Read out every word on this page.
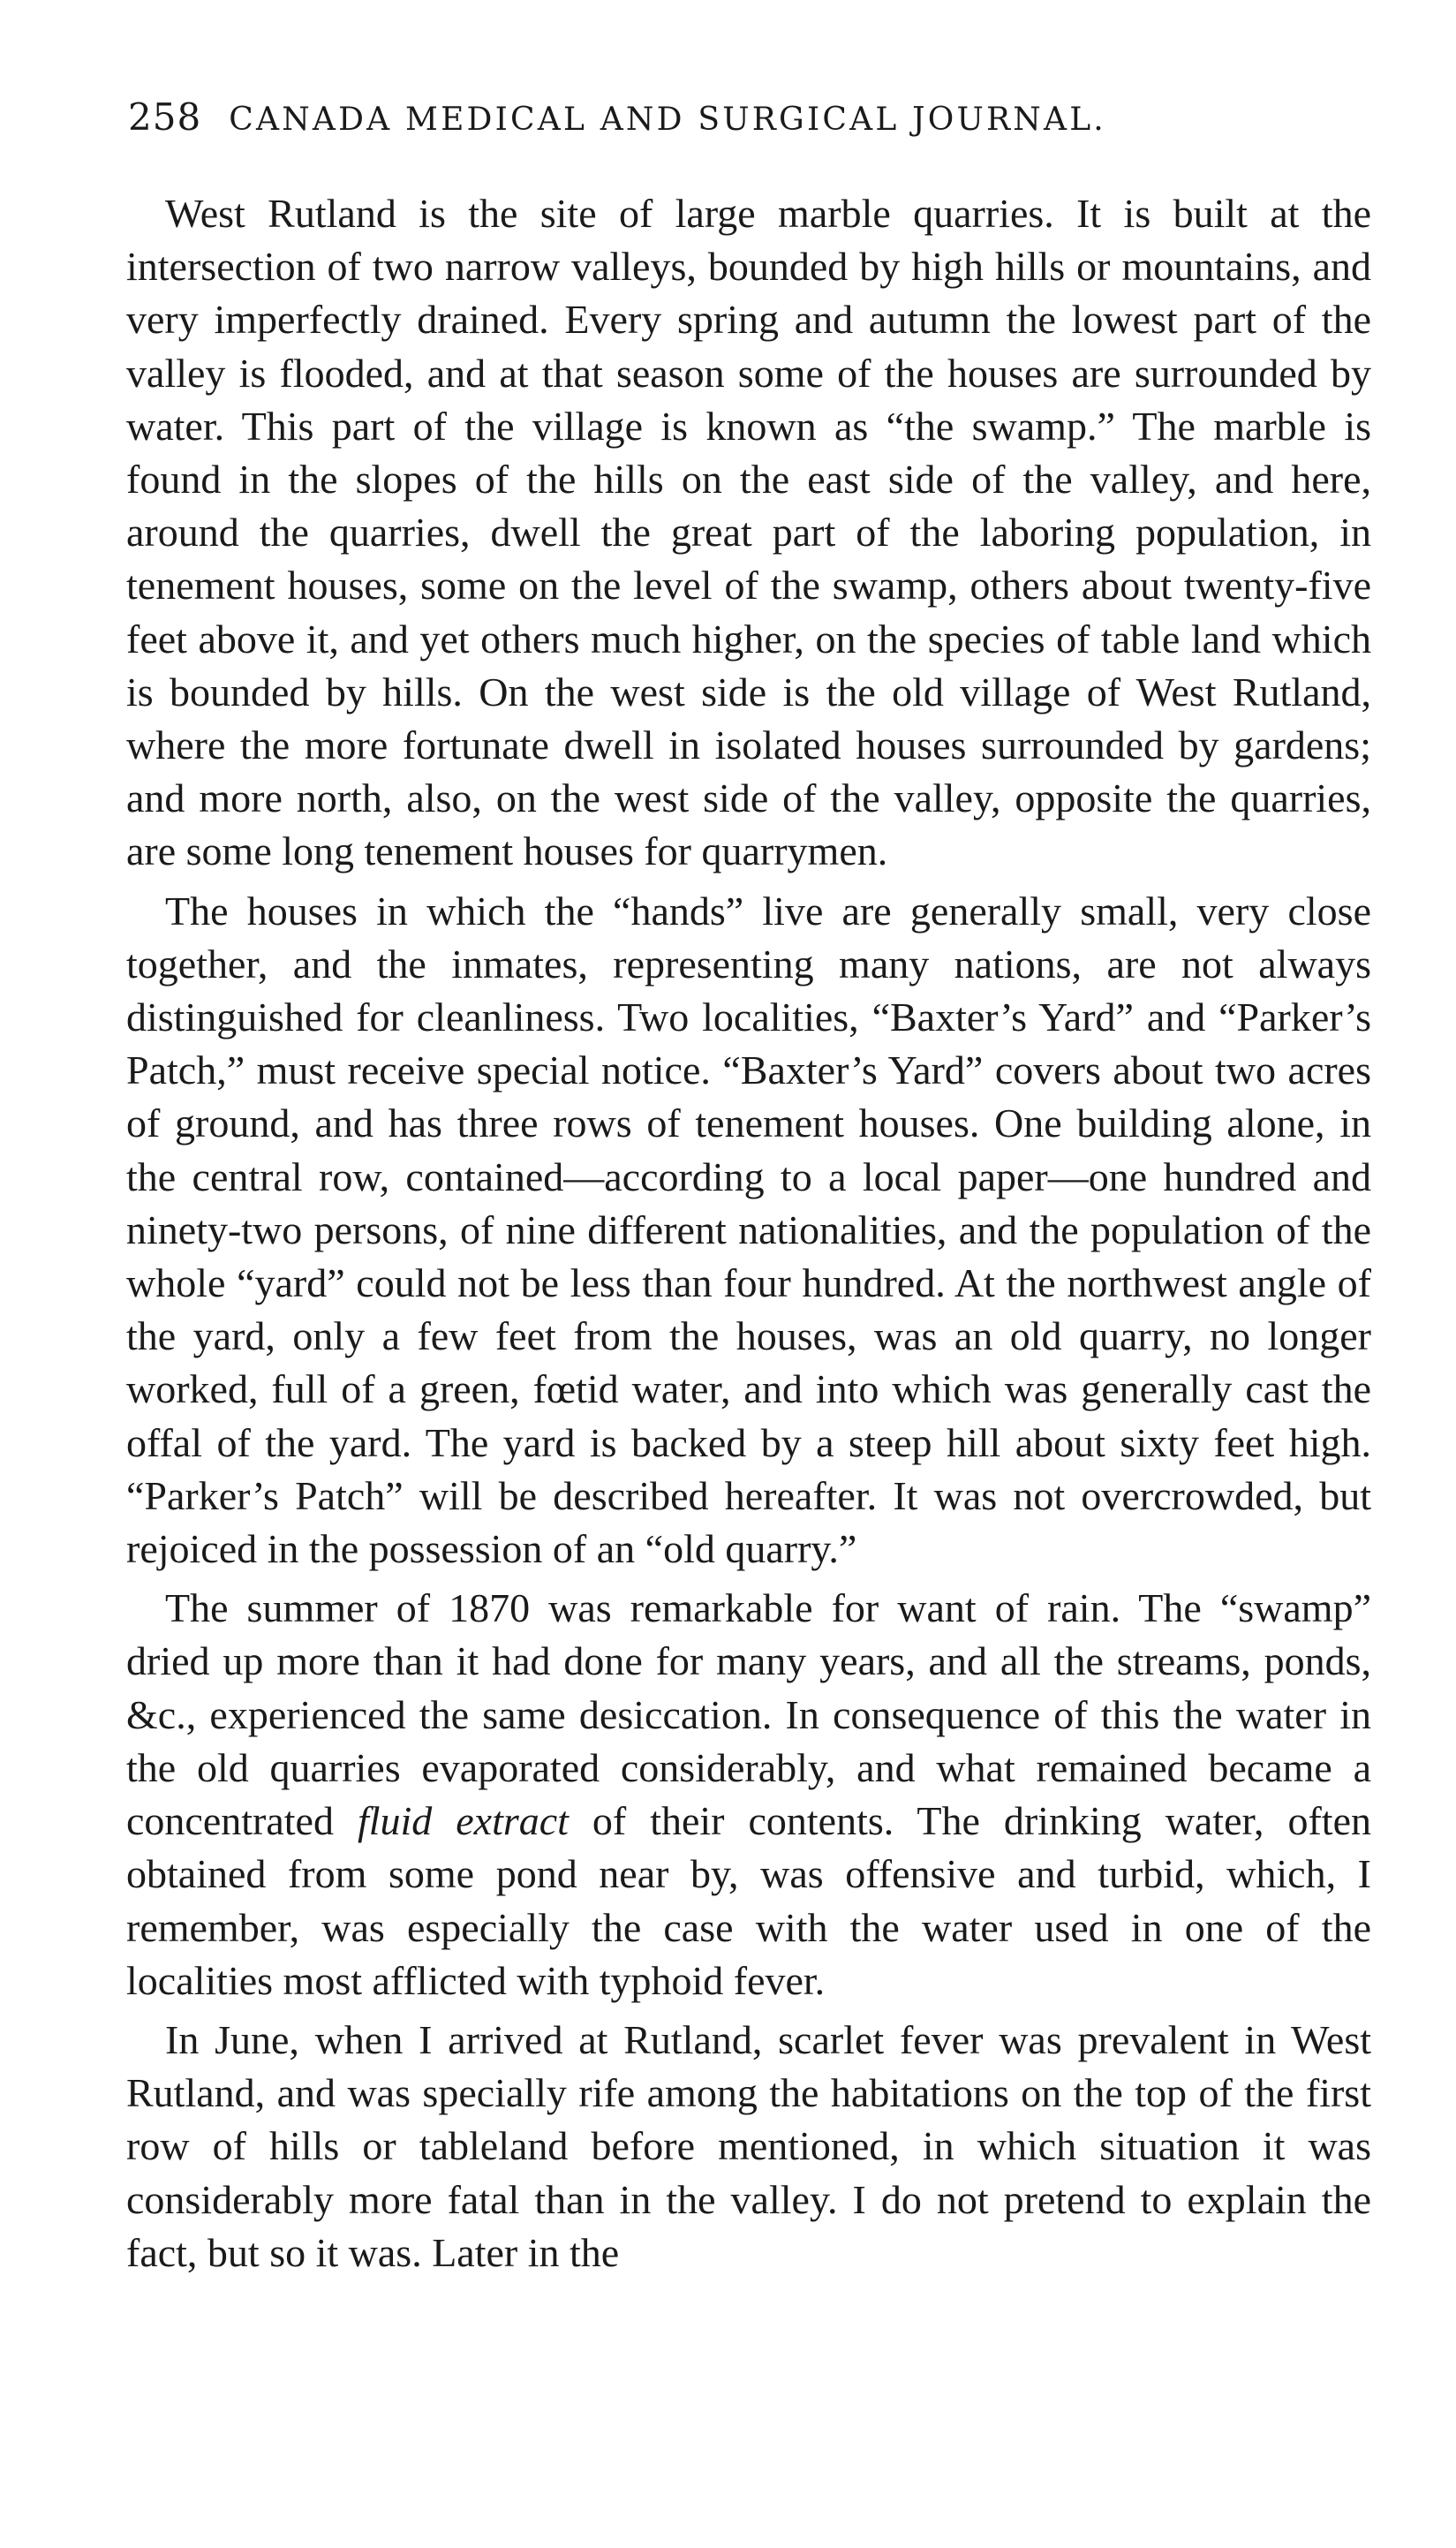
258 CANADA MEDICAL AND SURGICAL JOURNAL.

West Rutland is the site of large marble quarries. It is built at the intersection of two narrow valleys, bounded by high hills or mountains, and very imperfectly drained. Every spring and autumn the lowest part of the valley is flooded, and at that season some of the houses are surrounded by water. This part of the village is known as “the swamp.” The marble is found in the slopes of the hills on the east side of the valley, and here, around the quarries, dwell the great part of the laboring population, in tenement houses, some on the level of the swamp, others about twenty-five feet above it, and yet others much higher, on the species of table land which is bounded by hills. On the west side is the old village of West Rutland, where the more fortunate dwell in isolated houses surrounded by gardens; and more north, also, on the west side of the valley, opposite the quarries, are some long tenement houses for quarrymen.

The houses in which the “hands” live are generally small, very close together, and the inmates, representing many nations, are not always distinguished for cleanliness. Two localities, “Baxter’s Yard” and “Parker’s Patch,” must receive special notice. “Baxter’s Yard” covers about two acres of ground, and has three rows of tenement houses. One building alone, in the central row, contained—according to a local paper—one hundred and ninety-two persons, of nine different nationalities, and the population of the whole “yard” could not be less than four hundred. At the northwest angle of the yard, only a few feet from the houses, was an old quarry, no longer worked, full of a green, fœtid water, and into which was generally cast the offal of the yard. The yard is backed by a steep hill about sixty feet high. “Parker’s Patch” will be described hereafter. It was not overcrowded, but rejoiced in the possession of an “old quarry.”

The summer of 1870 was remarkable for want of rain. The “swamp” dried up more than it had done for many years, and all the streams, ponds, &c., experienced the same desiccation. In consequence of this the water in the old quarries evaporated considerably, and what remained became a concentrated fluid extract of their contents. The drinking water, often obtained from some pond near by, was offensive and turbid, which, I remember, was especially the case with the water used in one of the localities most afflicted with typhoid fever.

In June, when I arrived at Rutland, scarlet fever was prevalent in West Rutland, and was specially rife among the habitations on the top of the first row of hills or tableland before mentioned, in which situation it was considerably more fatal than in the valley. I do not pretend to explain the fact, but so it was. Later in the
